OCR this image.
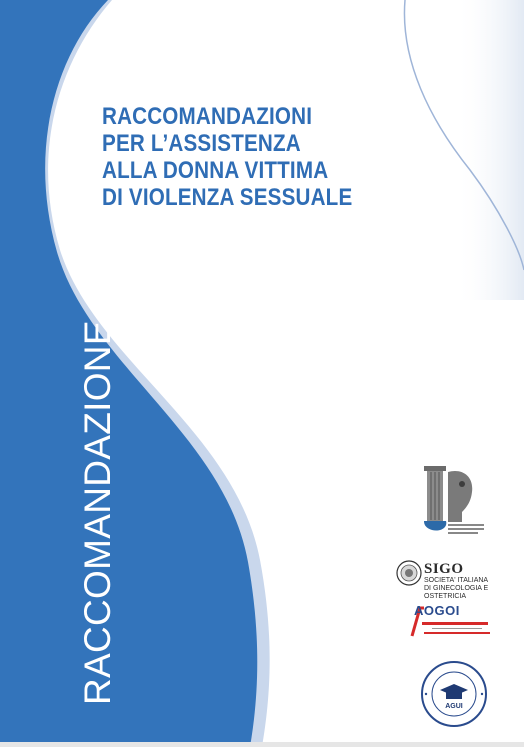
RACCOMANDAZIONI
PER L’ASSISTENZA
ALLA DONNA VITTIMA
DI VIOLENZA SESSUALE
RACCOMANDAZIONE	SIGO
SOCIETA' ITALIANA
DI GINECOLOGIA E OSTETRICIA
AOGOI
AGUI
